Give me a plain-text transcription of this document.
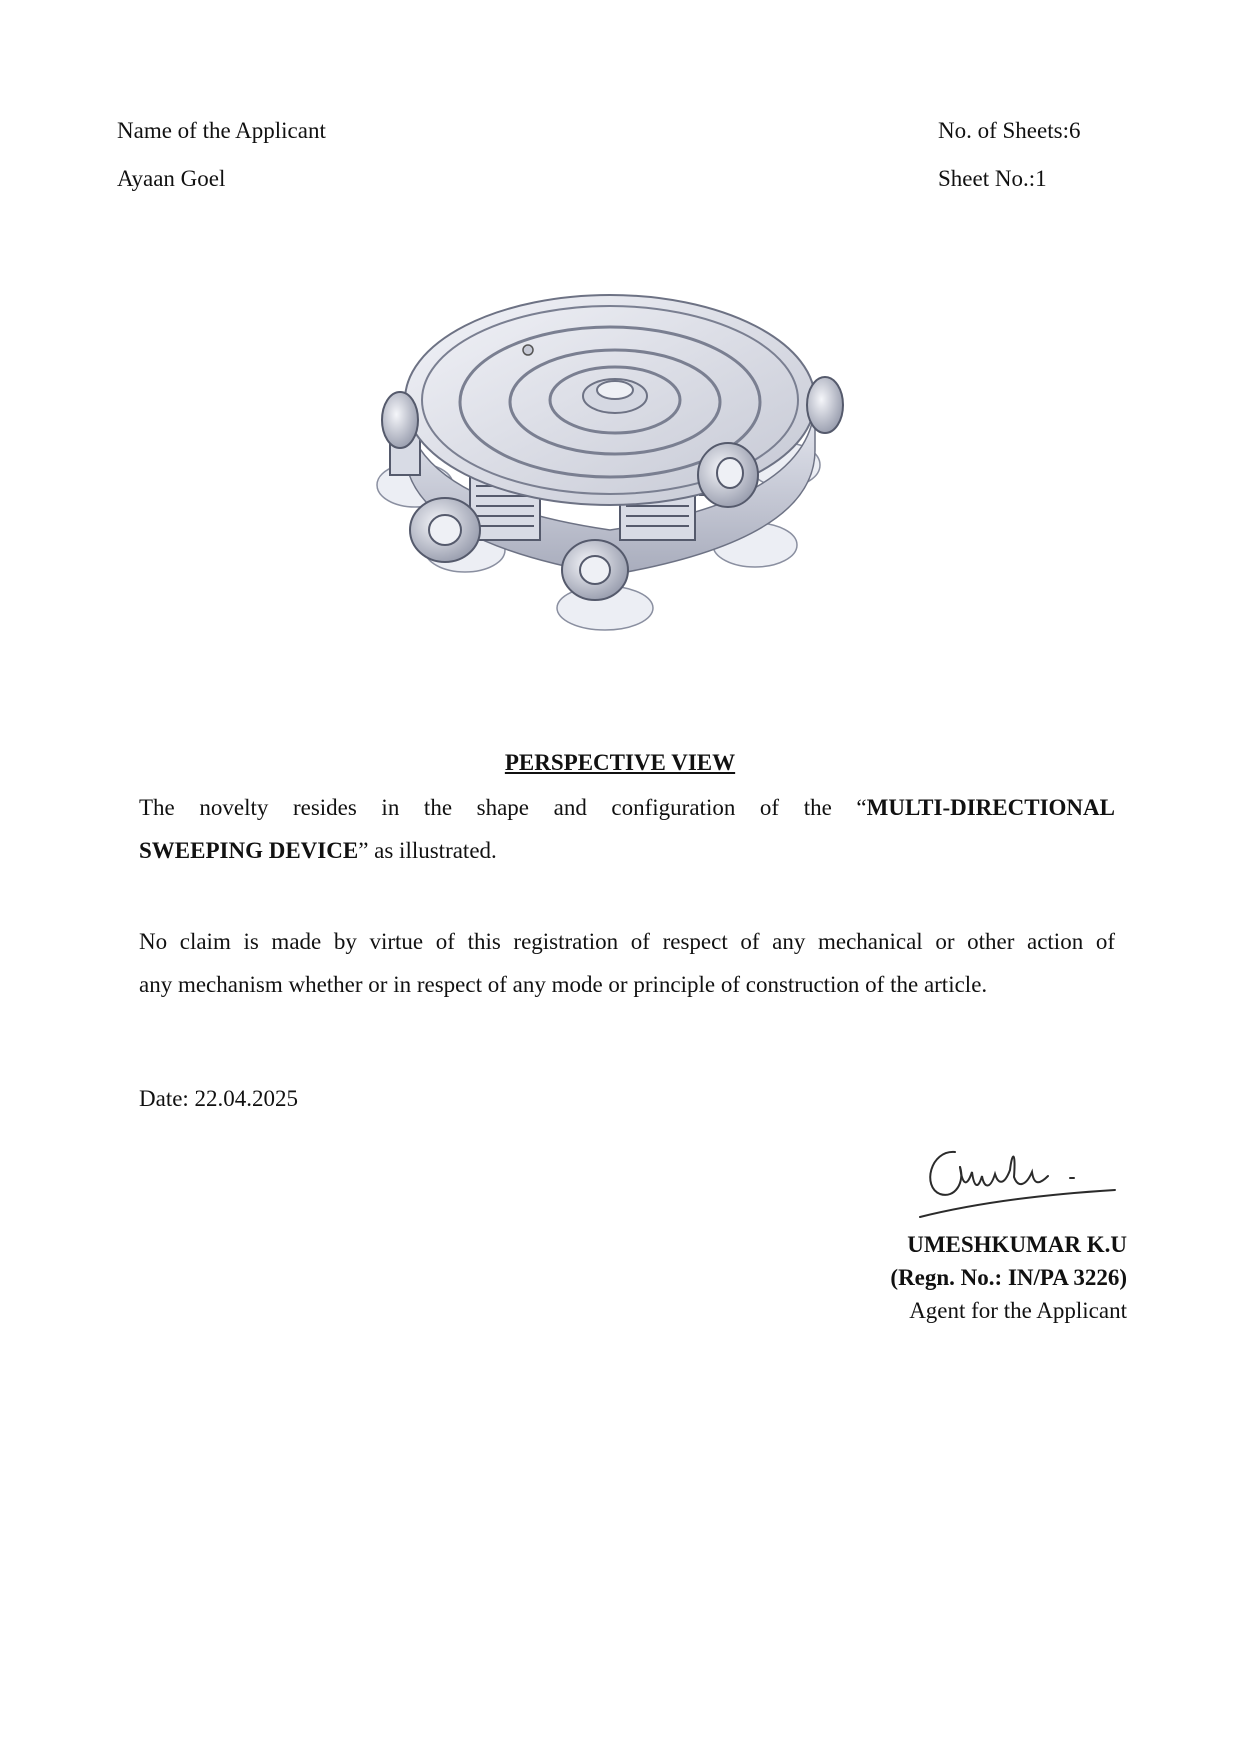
Name of the Applicant
Ayaan Goel
No. of Sheets:6
Sheet No.:1
PERSPECTIVE VIEW
The novelty resides in the shape and configuration of the “MULTI-DIRECTIONAL
SWEEPING DEVICE” as illustrated.
No claim is made by virtue of this registration of respect of any mechanical or other action of
any mechanism whether or in respect of any mode or principle of construction of the article.
Date: 22.04.2025
UMESHKUMAR K.U
(Regn. No.: IN/PA 3226)
Agent for the Applicant
